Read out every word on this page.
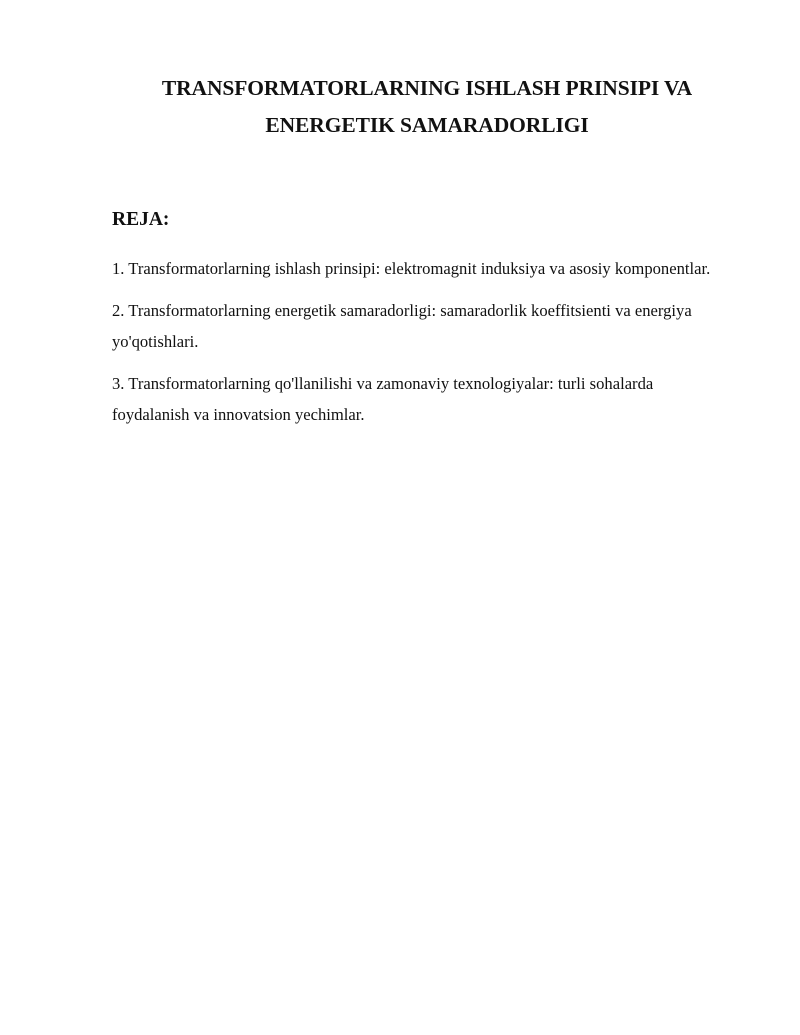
TRANSFORMATORLARNING ISHLASH PRINSIPI VA ENERGETIK SAMARADORLIGI
REJA:
1. Transformatorlarning ishlash prinsipi: elektromagnit induksiya va asosiy komponentlar.
2. Transformatorlarning energetik samaradorligi: samaradorlik koeffitsienti va energiya yo'qotishlari.
3. Transformatorlarning qo'llanilishi va zamonaviy texnologiyalar: turli sohalarda foydalanish va innovatsion yechimlar.
